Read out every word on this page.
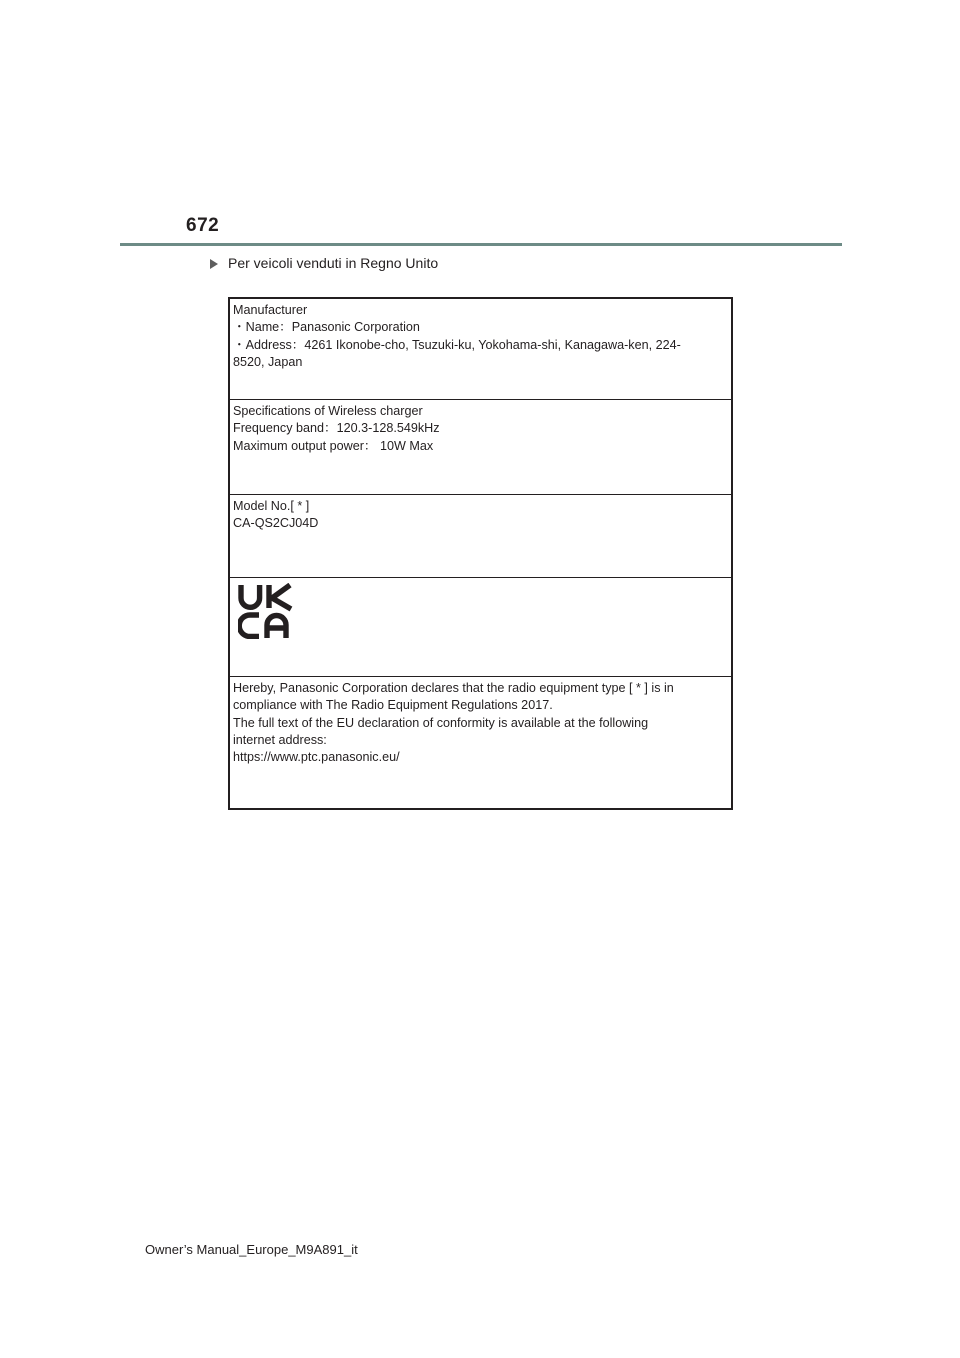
672
Per veicoli venduti in Regno Unito

Manufacturer

・Name：Panasonic Corporation

・Address：4261 Ikonobe-cho, Tsuzuki-ku, Yokohama-shi, Kanagawa-ken, 224-

8520, Japan

Specifications of Wireless charger

Frequency band：120.3-128.549kHz

Maximum output power： 10W Max

Model No.[ * ]

CA-QS2CJ04D

Hereby, Panasonic Corporation declares that the radio equipment type [ * ] is in

compliance with The Radio Equipment Regulations 2017.

The full text of the EU declaration of conformity is available at the following

internet address:

https://www.ptc.panasonic.eu/

Owner’s Manual_Europe_M9A891_it
